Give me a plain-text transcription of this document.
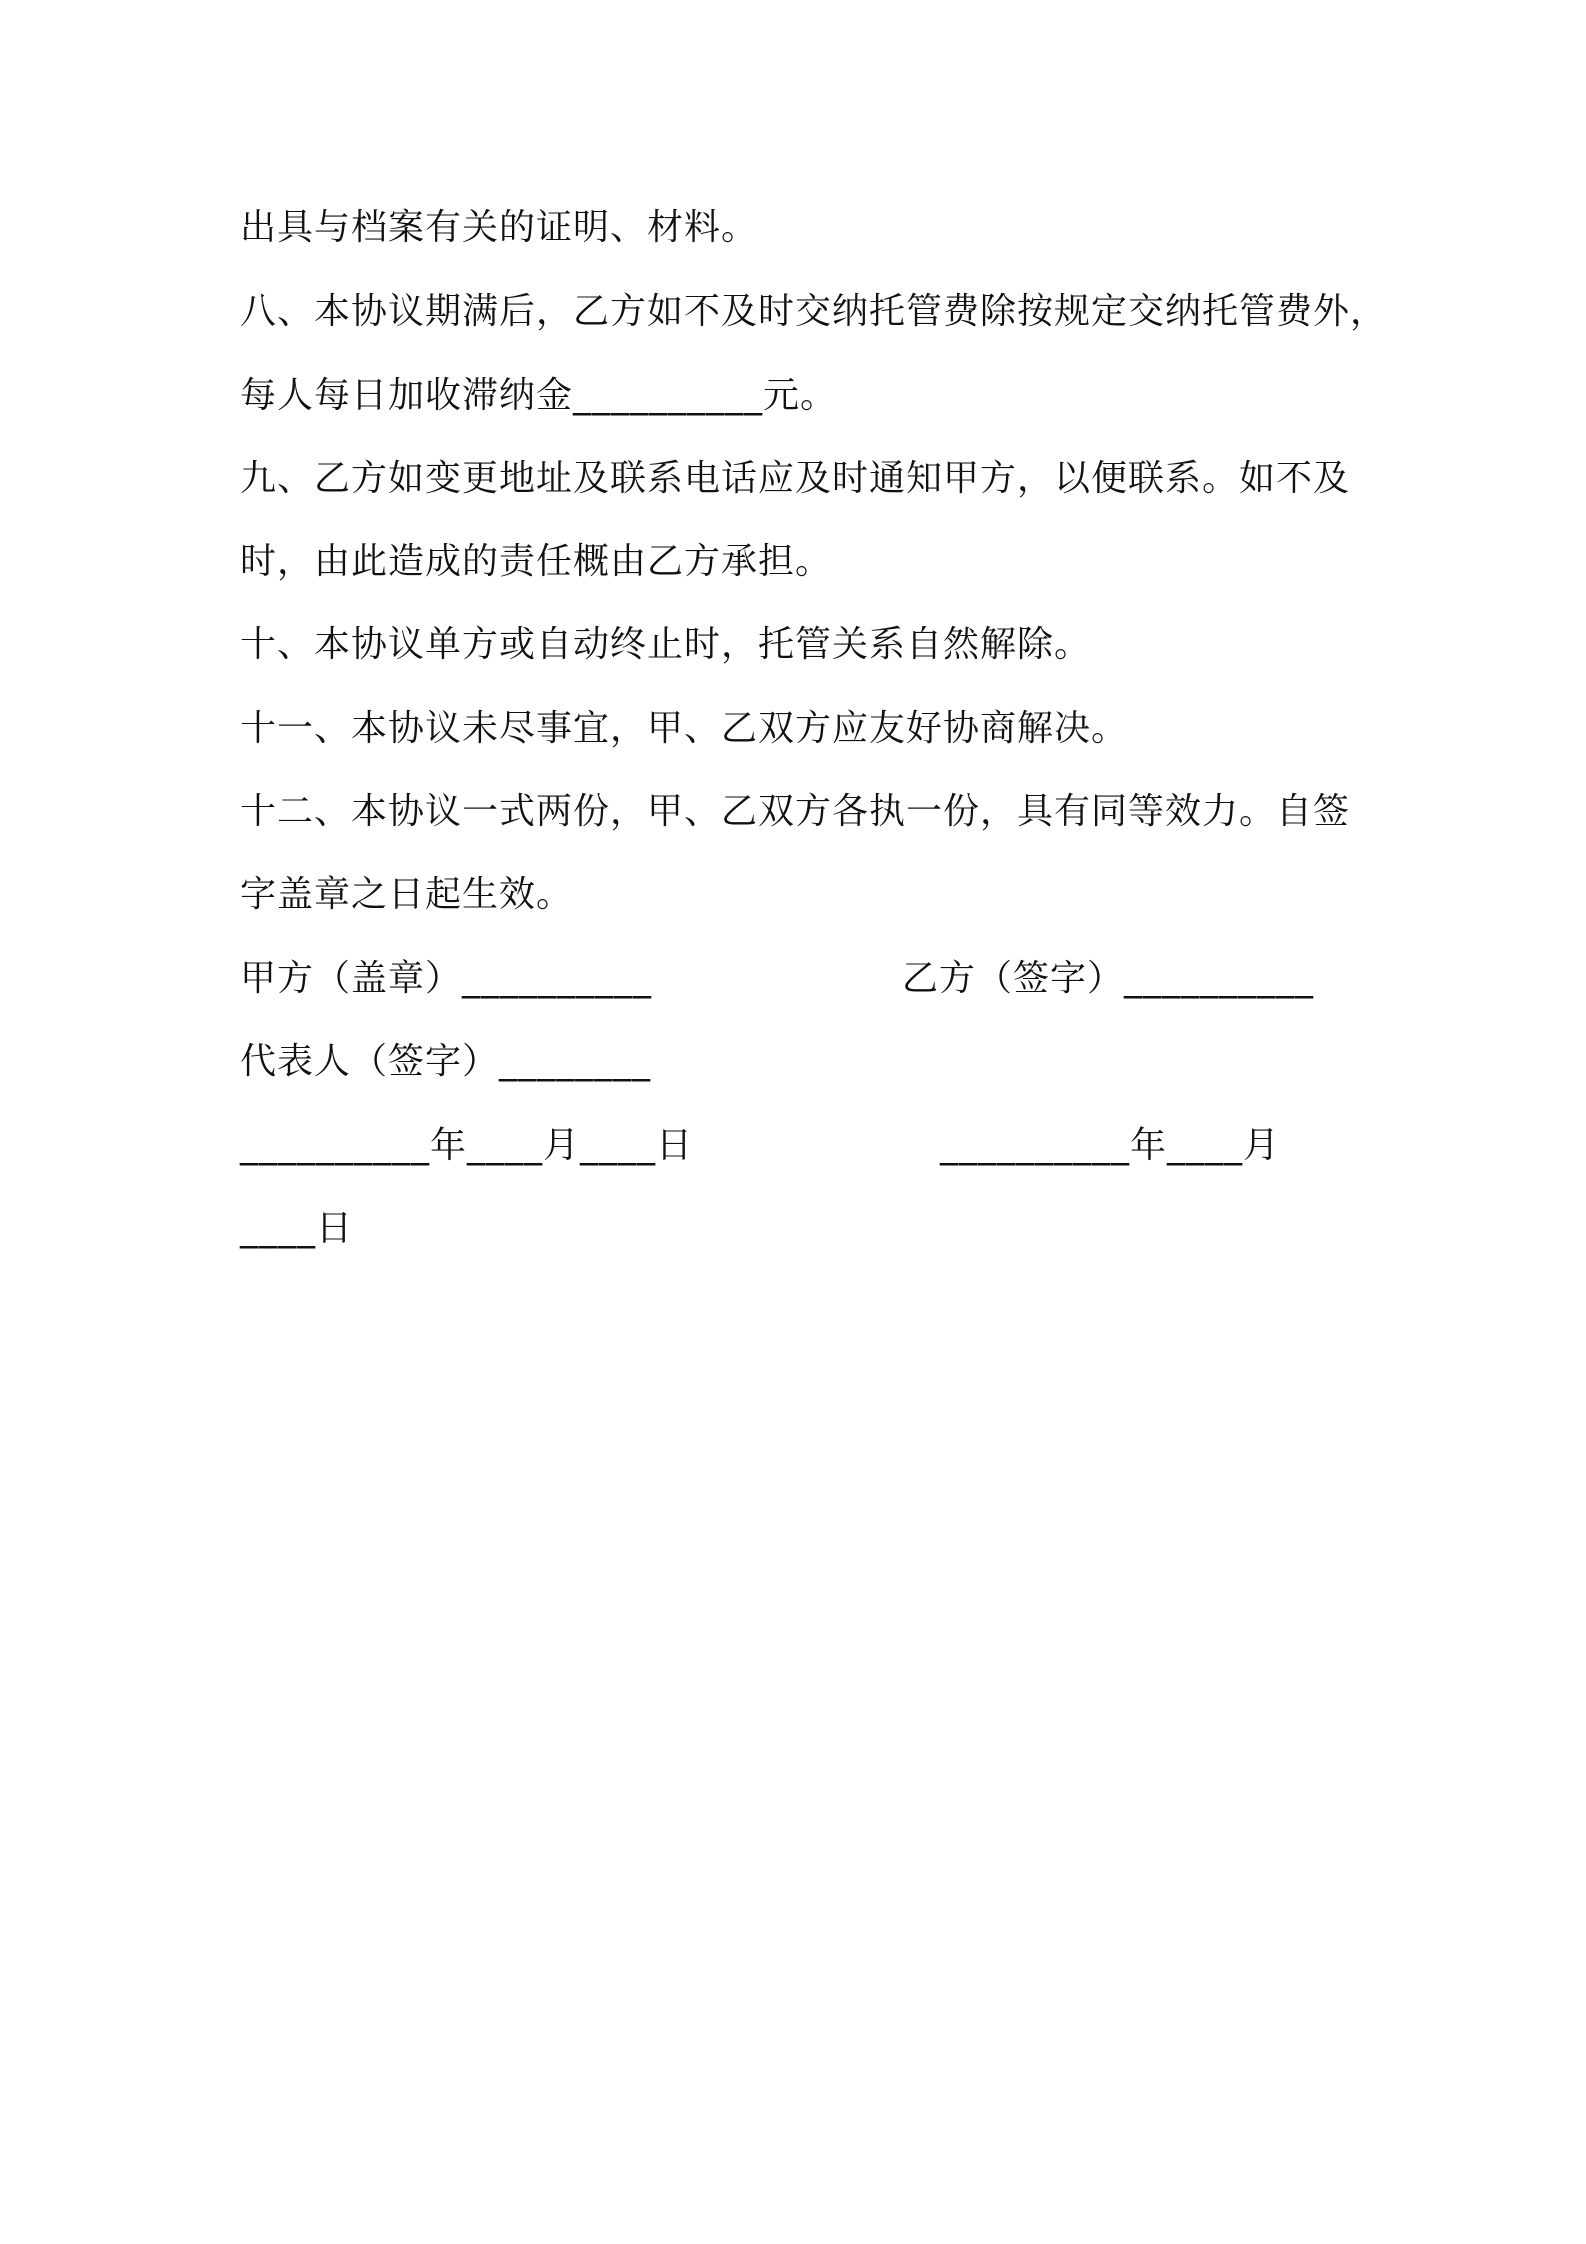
出具与档案有关的证明、材料。
八、本协议期满后，乙方如不及时交纳托管费除按规定交纳托管费外，
每人每日加收滞纳金__________元。
九、乙方如变更地址及联系电话应及时通知甲方，以便联系。如不及
时，由此造成的责任概由乙方承担。
十、本协议单方或自动终止时，托管关系自然解除。
十一、本协议未尽事宜，甲、乙双方应友好协商解决。
十二、本协议一式两份，甲、乙双方各执一份，具有同等效力。自签
字盖章之日起生效。
甲方（盖章）__________	乙方（签字）__________
代表人（签字）________
__________年____月____日	__________年____月
____日
